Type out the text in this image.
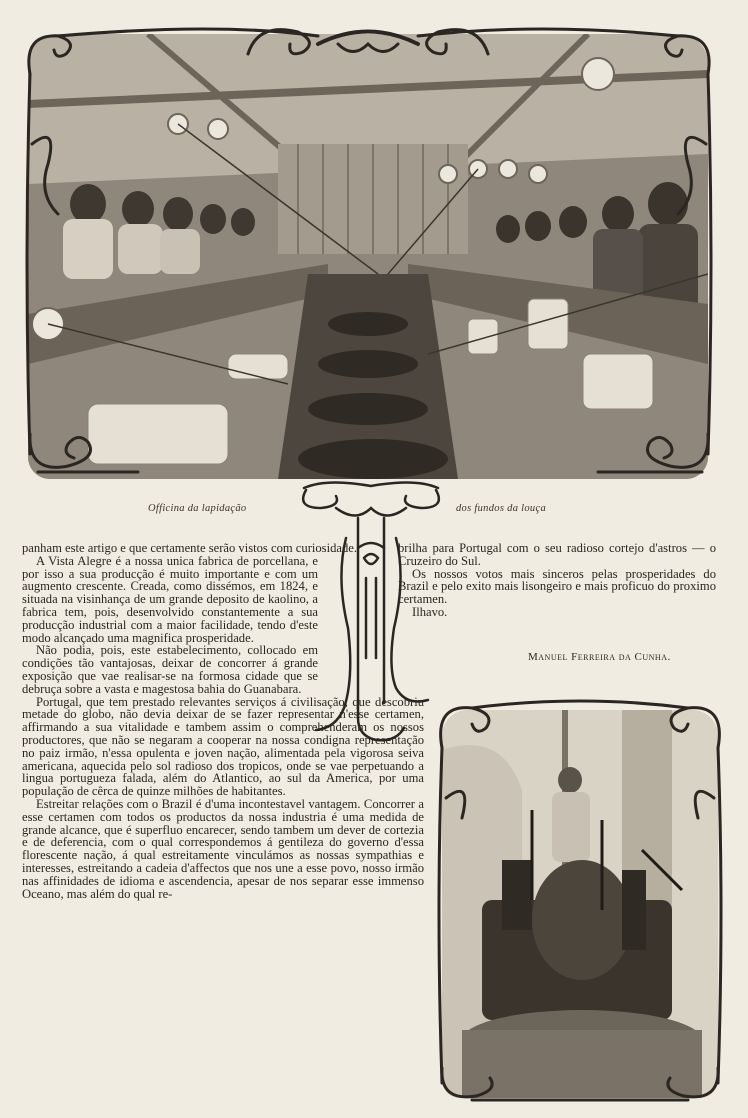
Officina da lapidação	dos fundos da louça

panham este artigo e que certamente serão vistos com curiosidade.

A Vista Alegre é a nossa unica fabrica de porcellana, e por isso a sua producção é muito importante e com um augmento crescente. Creada, como dissémos, em 1824, e situada na visinhança de um grande deposito de kaolino, a fabrica tem, pois, desenvolvido constantemente a sua producção industrial com a maior facilidade, tendo d'este modo alcançado uma magnifica prosperidade.

Não podia, pois, este estabelecimento, collocado em condições tão vantajosas, deixar de concorrer á grande exposição que vae realisar-se na formosa cidade que se debruça sobre a vasta e magestosa bahia do Guanabara.

Portugal, que tem prestado relevantes serviços á civilisação, que descobriu metade do globo, não devia deixar de se fazer representar n'esse certamen, affirmando a sua vitalidade e tambem assim o comprehenderam os nossos productores, que não se negaram a cooperar na nossa condigna representação no paiz irmão, n'essa opulenta e joven nação, alimentada pela vigorosa seiva americana, aquecida pelo sol radioso dos tropicos, onde se vae perpetuando a lingua portugueza falada, além do Atlantico, ao sul da America, por uma população de cêrca de quinze milhões de habitantes.

Estreitar relações com o Brazil é d'uma incontestavel vantagem. Concorrer a esse certamen com todos os productos da nossa industria é uma medida de grande alcance, que é superfluo encarecer, sendo tambem um dever de cortezia e de deferencia, com o qual correspondemos á gentileza do governo d'essa florescente nação, á qual estreitamente vinculámos as nossas sympathias e interesses, estreitando a cadeia d'affectos que nos une a esse povo, nosso irmão nas affinidades de idioma e ascendencia, apesar de nos separar esse immenso Oceano, mas além do qual re-

brilha para Portugal com o seu radioso cortejo d'astros — o Cruzeiro do Sul.

Os nossos votos mais sinceros pelas prosperidades do Brazil e pelo exito mais lisongeiro e mais proficuo do proximo certamen.

Ilhavo.

Manuel Ferreira da Cunha.
